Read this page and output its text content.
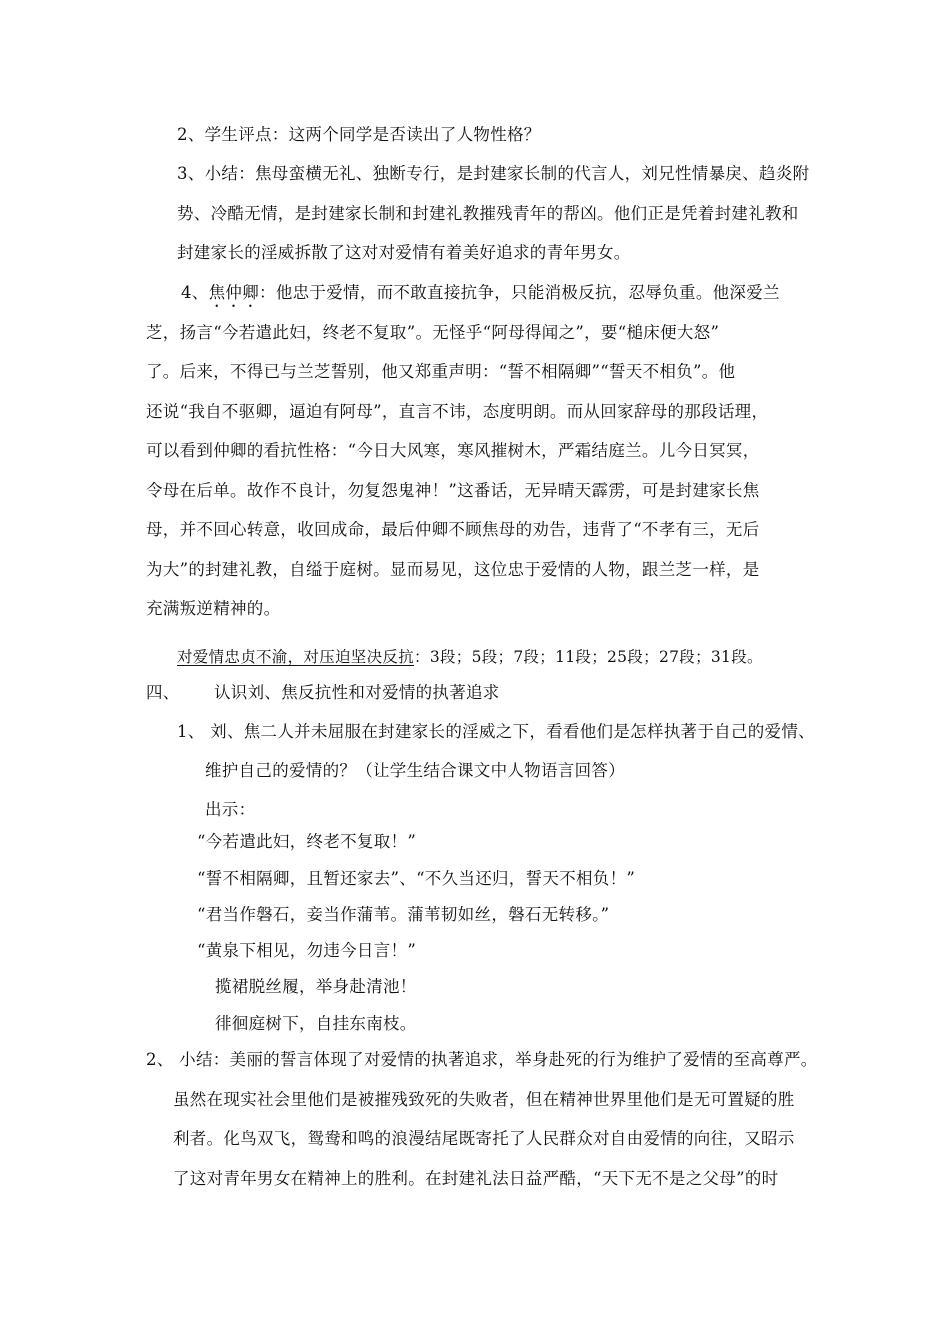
2、学生评点：这两个同学是否读出了人物性格？
3、小结：焦母蛮横无礼、独断专行，是封建家长制的代言人，刘兄性情暴戾、趋炎附
势、冷酷无情，是封建家长制和封建礼教摧残青年的帮凶。他们正是凭着封建礼教和
封建家长的淫威拆散了这对对爱情有着美好追求的青年男女。
4、焦仲卿：他忠于爱情，而不敢直接抗争，只能消极反抗，忍辱负重。他深爱兰
芝，扬言“今若遣此妇，终老不复取”。无怪乎“阿母得闻之”，要“槌床便大怒”
了。后来，不得已与兰芝誓别，他又郑重声明：“誓不相隔卿”“誓天不相负”。他
还说“我自不驱卿，逼迫有阿母”，直言不讳，态度明朗。而从回家辞母的那段话理，
可以看到仲卿的看抗性格：“今日大风寒，寒风摧树木，严霜结庭兰。儿今日冥冥，
令母在后单。故作不良计，勿复怨鬼神！”这番话，无异晴天霹雳，可是封建家长焦
母，并不回心转意，收回成命，最后仲卿不顾焦母的劝告，违背了“不孝有三，无后
为大”的封建礼教，自缢于庭树。显而易见，这位忠于爱情的人物，跟兰芝一样，是
充满叛逆精神的。
对爱情忠贞不渝，对压迫坚决反抗：3段；5段；7段；11段；25段；27段；31段。
四、 认识刘、焦反抗性和对爱情的执著追求
1、 刘、焦二人并未屈服在封建家长的淫威之下，看看他们是怎样执著于自己的爱情、
维护自己的爱情的？（让学生结合课文中人物语言回答）
出示：
“今若遣此妇，终老不复取！”
“誓不相隔卿，且暂还家去”、“不久当还归，誓天不相负！”
“君当作磐石，妾当作蒲苇。蒲苇韧如丝，磐石无转移。”
“黄泉下相见，勿违今日言！”
揽裙脱丝履，举身赴清池！
徘徊庭树下，自挂东南枝。
2、 小结：美丽的誓言体现了对爱情的执著追求，举身赴死的行为维护了爱情的至高尊严。
虽然在现实社会里他们是被摧残致死的失败者，但在精神世界里他们是无可置疑的胜
利者。化鸟双飞，鸳鸯和鸣的浪漫结尾既寄托了人民群众对自由爱情的向往，又昭示
了这对青年男女在精神上的胜利。在封建礼法日益严酷，“天下无不是之父母”的时
